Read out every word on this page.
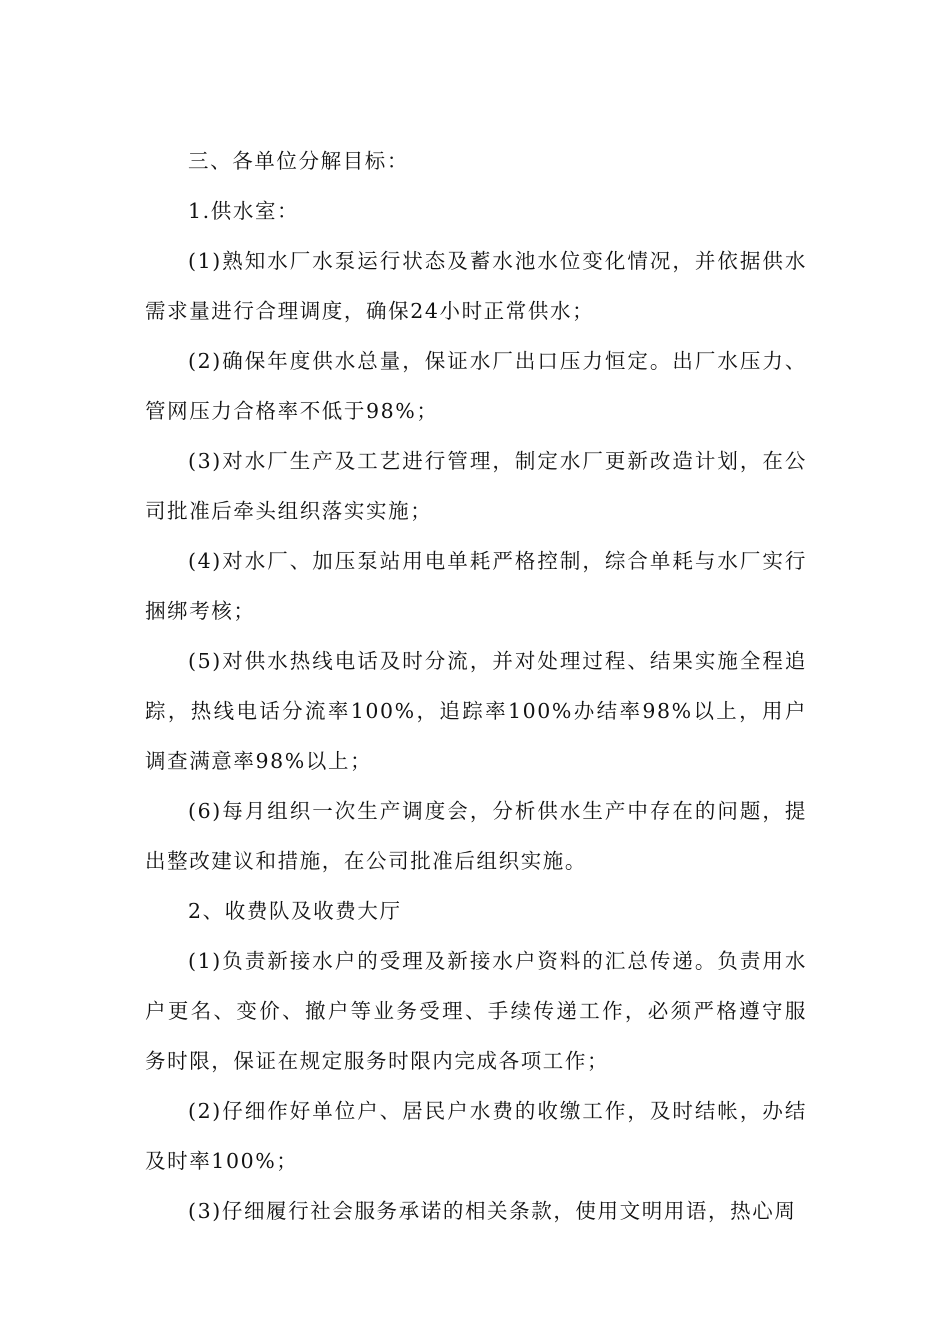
三、各单位分解目标：

1.供水室：

(1)熟知水厂水泵运行状态及蓄水池水位变化情况，并依据供水需求量进行合理调度，确保24小时正常供水；

(2)确保年度供水总量，保证水厂出口压力恒定。出厂水压力、管网压力合格率不低于98%；

(3)对水厂生产及工艺进行管理，制定水厂更新改造计划，在公司批准后牵头组织落实实施；

(4)对水厂、加压泵站用电单耗严格控制，综合单耗与水厂实行捆绑考核；

(5)对供水热线电话及时分流，并对处理过程、结果实施全程追踪，热线电话分流率100%，追踪率100%办结率98%以上，用户调查满意率98%以上；

(6)每月组织一次生产调度会，分析供水生产中存在的问题，提出整改建议和措施，在公司批准后组织实施。

2、收费队及收费大厅

(1)负责新接水户的受理及新接水户资料的汇总传递。负责用水户更名、变价、撤户等业务受理、手续传递工作，必须严格遵守服务时限，保证在规定服务时限内完成各项工作；

(2)仔细作好单位户、居民户水费的收缴工作，及时结帐，办结及时率100%；

(3)仔细履行社会服务承诺的相关条款，使用文明用语，热心周
